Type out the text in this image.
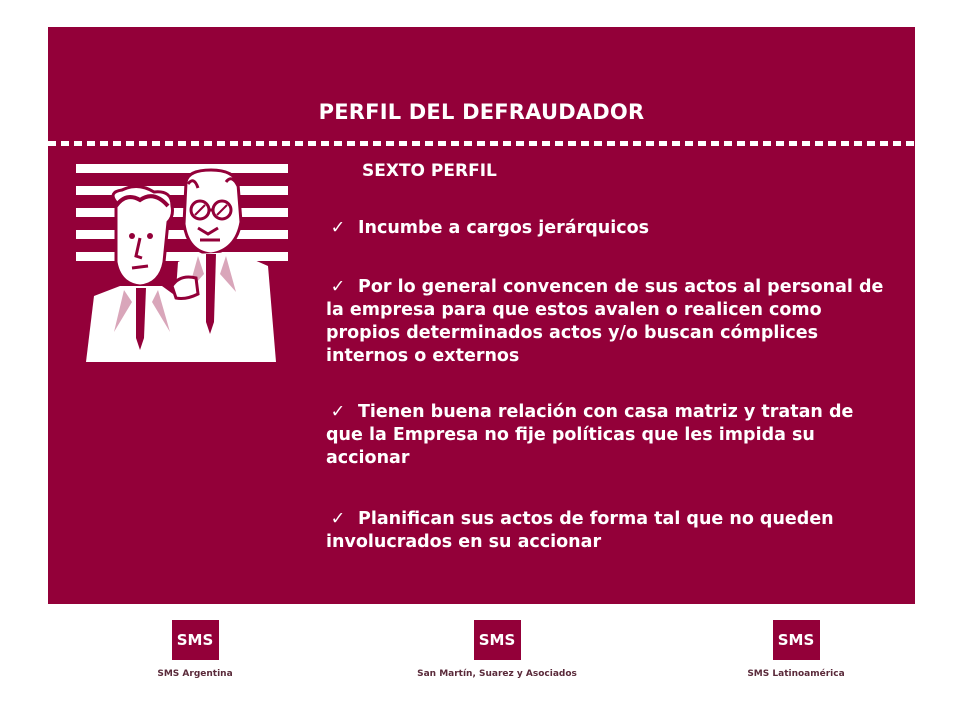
PERFIL DEL DEFRAUDADOR
SEXTO PERFIL
✓ Incumbe a cargos jerárquicos
✓ Por lo general convencen de sus actos al personal de la empresa para que estos avalen o realicen como propios determinados actos y/o buscan cómplices internos o externos
✓ Tienen buena relación con casa matriz y tratan de que la Empresa no fije políticas que les impida su accionar
✓ Planifican sus actos de forma tal que no queden involucrados en su accionar
SMS
SMS Argentina
SMS
San Martín, Suarez y Asociados
SMS
SMS Latinoamérica
